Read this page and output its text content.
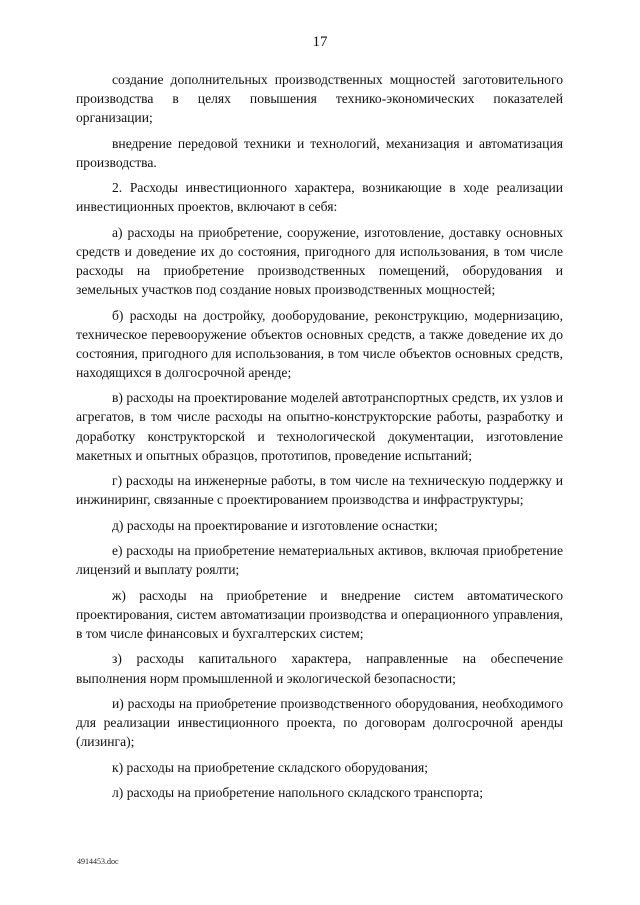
17

создание дополнительных производственных мощностей заготовительного производства в целях повышения технико-экономических показателей организации;

внедрение передовой техники и технологий, механизация и автоматизация производства.

2. Расходы инвестиционного характера, возникающие в ходе реализации инвестиционных проектов, включают в себя:

а) расходы на приобретение, сооружение, изготовление, доставку основных средств и доведение их до состояния, пригодного для использования, в том числе расходы на приобретение производственных помещений, оборудования и земельных участков под создание новых производственных мощностей;

б) расходы на достройку, дооборудование, реконструкцию, модернизацию, техническое перевооружение объектов основных средств, а также доведение их до состояния, пригодного для использования, в том числе объектов основных средств, находящихся в долгосрочной аренде;

в) расходы на проектирование моделей автотранспортных средств, их узлов и агрегатов, в том числе расходы на опытно-конструкторские работы, разработку и доработку конструкторской и технологической документации, изготовление макетных и опытных образцов, прототипов, проведение испытаний;

г) расходы на инженерные работы, в том числе на техническую поддержку и инжиниринг, связанные с проектированием производства и инфраструктуры;

д) расходы на проектирование и изготовление оснастки;

е) расходы на приобретение нематериальных активов, включая приобретение лицензий и выплату роялти;

ж) расходы на приобретение и внедрение систем автоматического проектирования, систем автоматизации производства и операционного управления, в том числе финансовых и бухгалтерских систем;

з) расходы капитального характера, направленные на обеспечение выполнения норм промышленной и экологической безопасности;

и) расходы на приобретение производственного оборудования, необходимого для реализации инвестиционного проекта, по договорам долгосрочной аренды (лизинга);

к) расходы на приобретение складского оборудования;

л) расходы на приобретение напольного складского транспорта;

4914453.doc
